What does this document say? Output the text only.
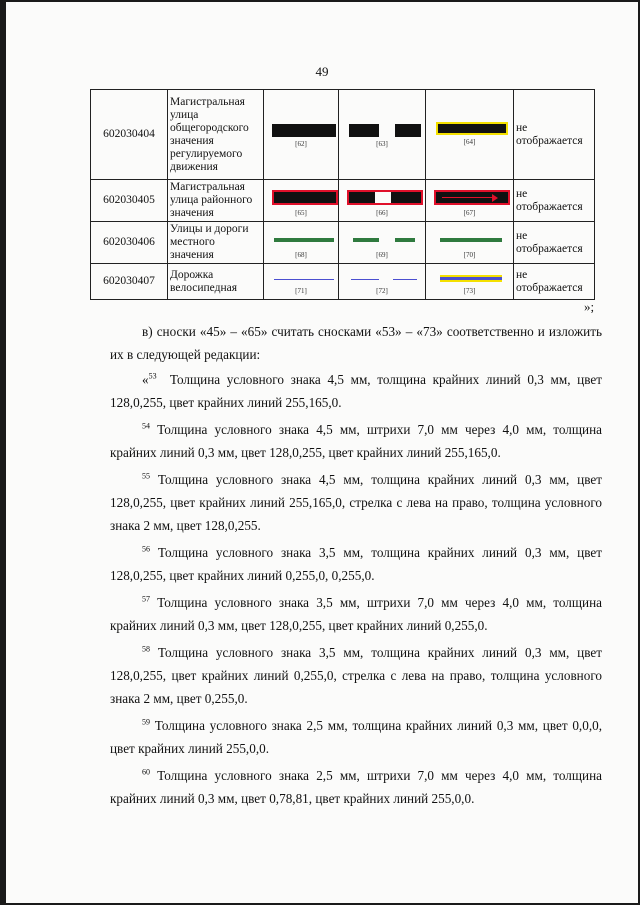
49
602030404	Магистральная улица общегородского значения регулируемого движения	[62]	[63]	[64]	не отображается
602030405	Магистральная улица районного значения	[65]	[66]	[67]	не отображается
602030406	Улицы и дороги местного значения	[68]	[69]	[70]	не отображается
602030407	Дорожка велосипедная	[71]	[72]	[73]	не отображается
»;

в) сноски «45» – «65» считать сносками «53» – «73» соответственно и изложить их в следующей редакции:

«$^{53}$ Толщина условного знака 4,5 мм, толщина крайних линий 0,3 мм, цвет 128,0,255, цвет крайних линий 255,165,0.

$^{54}$ Толщина условного знака 4,5 мм, штрихи 7,0 мм через 4,0 мм, толщина крайних линий 0,3 мм, цвет 128,0,255, цвет крайних линий 255,165,0.

$^{55}$ Толщина условного знака 4,5 мм, толщина крайних линий 0,3 мм, цвет 128,0,255, цвет крайних линий 255,165,0, стрелка с лева на право, толщина условного знака 2 мм, цвет 128,0,255.

$^{56}$ Толщина условного знака 3,5 мм, толщина крайних линий 0,3 мм, цвет 128,0,255, цвет крайних линий 0,255,0, 0,255,0.

$^{57}$ Толщина условного знака 3,5 мм, штрихи 7,0 мм через 4,0 мм, толщина крайних линий 0,3 мм, цвет 128,0,255, цвет крайних линий 0,255,0.

$^{58}$ Толщина условного знака 3,5 мм, толщина крайних линий 0,3 мм, цвет 128,0,255, цвет крайних линий 0,255,0, стрелка с лева на право, толщина условного знака 2 мм, цвет 0,255,0.

$^{59}$ Толщина условного знака 2,5 мм, толщина крайних линий 0,3 мм, цвет 0,0,0, цвет крайних линий 255,0,0.

$^{60}$ Толщина условного знака 2,5 мм, штрихи 7,0 мм через 4,0 мм, толщина крайних линий 0,3 мм, цвет 0,78,81, цвет крайних линий 255,0,0.
